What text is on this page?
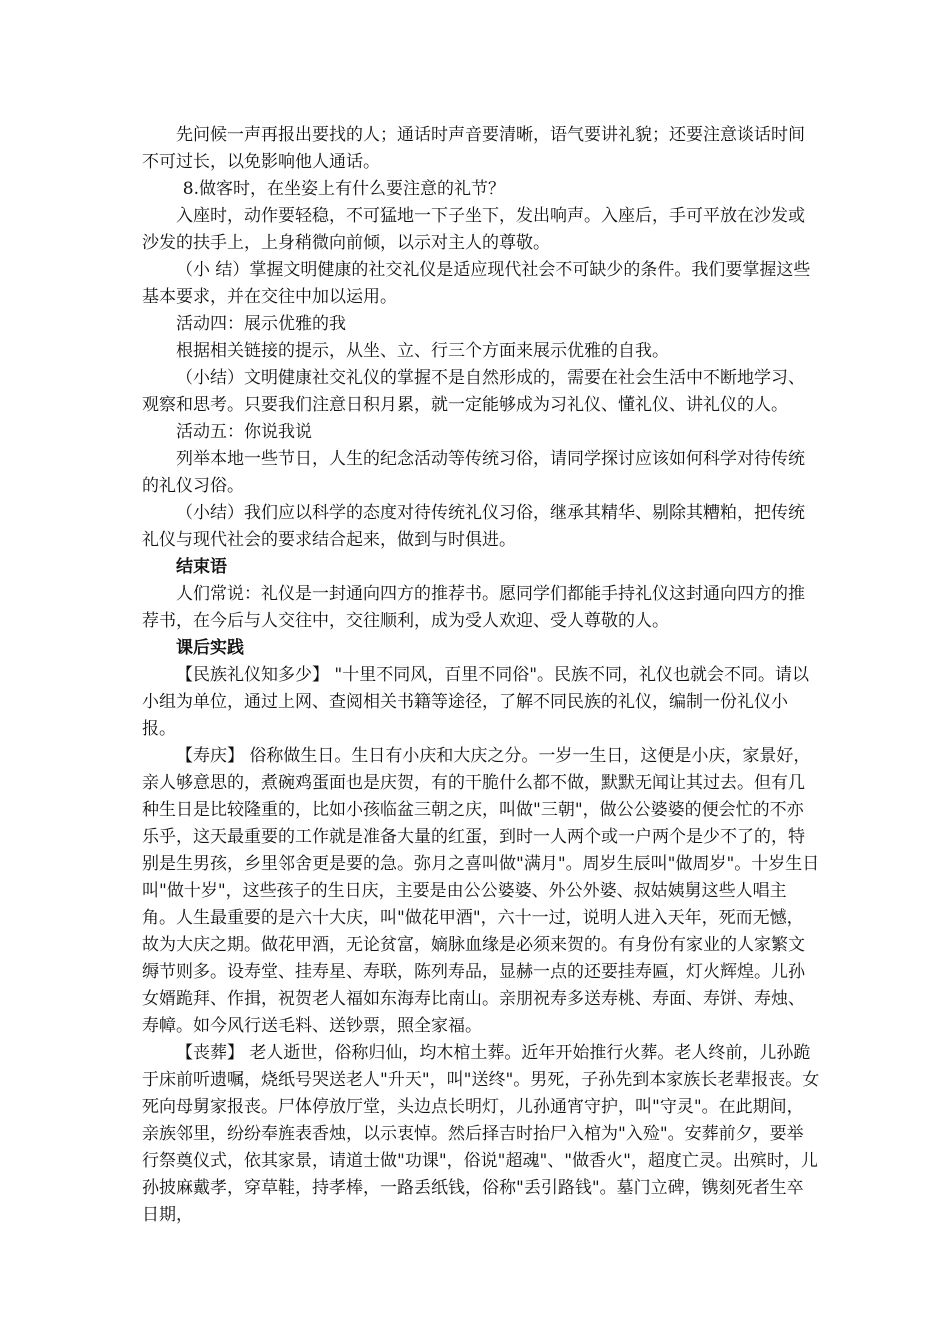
先问候一声再报出要找的人；通话时声音要清晰，语气要讲礼貌；还要注意谈话时间不可过长，以免影响他人通话。

8.做客时，在坐姿上有什么要注意的礼节？

入座时，动作要轻稳，不可猛地一下子坐下，发出响声。入座后，手可平放在沙发或沙发的扶手上，上身稍微向前倾，以示对主人的尊敬。

（小 结）掌握文明健康的社交礼仪是适应现代社会不可缺少的条件。我们要掌握这些基本要求，并在交往中加以运用。

活动四：展示优雅的我

根据相关链接的提示，从坐、立、行三个方面来展示优雅的自我。

（小结）文明健康社交礼仪的掌握不是自然形成的，需要在社会生活中不断地学习、观察和思考。只要我们注意日积月累，就一定能够成为习礼仪、懂礼仪、讲礼仪的人。

活动五：你说我说

列举本地一些节日，人生的纪念活动等传统习俗，请同学探讨应该如何科学对待传统的礼仪习俗。

（小结）我们应以科学的态度对待传统礼仪习俗，继承其精华、剔除其糟粕，把传统礼仪与现代社会的要求结合起来，做到与时俱进。

结束语

人们常说：礼仪是一封通向四方的推荐书。愿同学们都能手持礼仪这封通向四方的推荐书，在今后与人交往中，交往顺利，成为受人欢迎、受人尊敬的人。

课后实践

【民族礼仪知多少】 "十里不同风，百里不同俗"。民族不同，礼仪也就会不同。请以小组为单位，通过上网、查阅相关书籍等途径，了解不同民族的礼仪，编制一份礼仪小报。

【寿庆】 俗称做生日。生日有小庆和大庆之分。一岁一生日，这便是小庆，家景好，亲人够意思的，煮碗鸡蛋面也是庆贺，有的干脆什么都不做，默默无闻让其过去。但有几种生日是比较隆重的，比如小孩临盆三朝之庆，叫做"三朝"，做公公婆婆的便会忙的不亦乐乎，这天最重要的工作就是准备大量的红蛋，到时一人两个或一户两个是少不了的，特别是生男孩，乡里邻舍更是要的急。弥月之喜叫做"满月"。周岁生辰叫"做周岁"。十岁生日叫"做十岁"，这些孩子的生日庆，主要是由公公婆婆、外公外婆、叔姑姨舅这些人唱主角。人生最重要的是六十大庆，叫"做花甲酒"，六十一过，说明人进入天年，死而无憾，故为大庆之期。做花甲酒，无论贫富，嫡脉血缘是必须来贺的。有身份有家业的人家繁文缛节则多。设寿堂、挂寿星、寿联，陈列寿品，显赫一点的还要挂寿匾，灯火辉煌。儿孙女婿跪拜、作揖，祝贺老人福如东海寿比南山。亲朋祝寿多送寿桃、寿面、寿饼、寿烛、寿幛。如今风行送毛料、送钞票，照全家福。

【丧葬】 老人逝世，俗称归仙，均木棺土葬。近年开始推行火葬。老人终前，儿孙跪于床前听遗嘱，烧纸号哭送老人"升天"，叫"送终"。男死，子孙先到本家族长老辈报丧。女死向母舅家报丧。尸体停放厅堂，头边点长明灯，儿孙通宵守护，叫"守灵"。在此期间，亲族邻里，纷纷奉旌表香烛，以示衷悼。然后择吉时抬尸入棺为"入殓"。安葬前夕，要举行祭奠仪式，依其家景，请道士做"功课"，俗说"超魂"、"做香火"，超度亡灵。出殡时，儿孙披麻戴孝，穿草鞋，持孝棒，一路丢纸钱，俗称"丢引路钱"。墓门立碑，镌刻死者生卒日期，
